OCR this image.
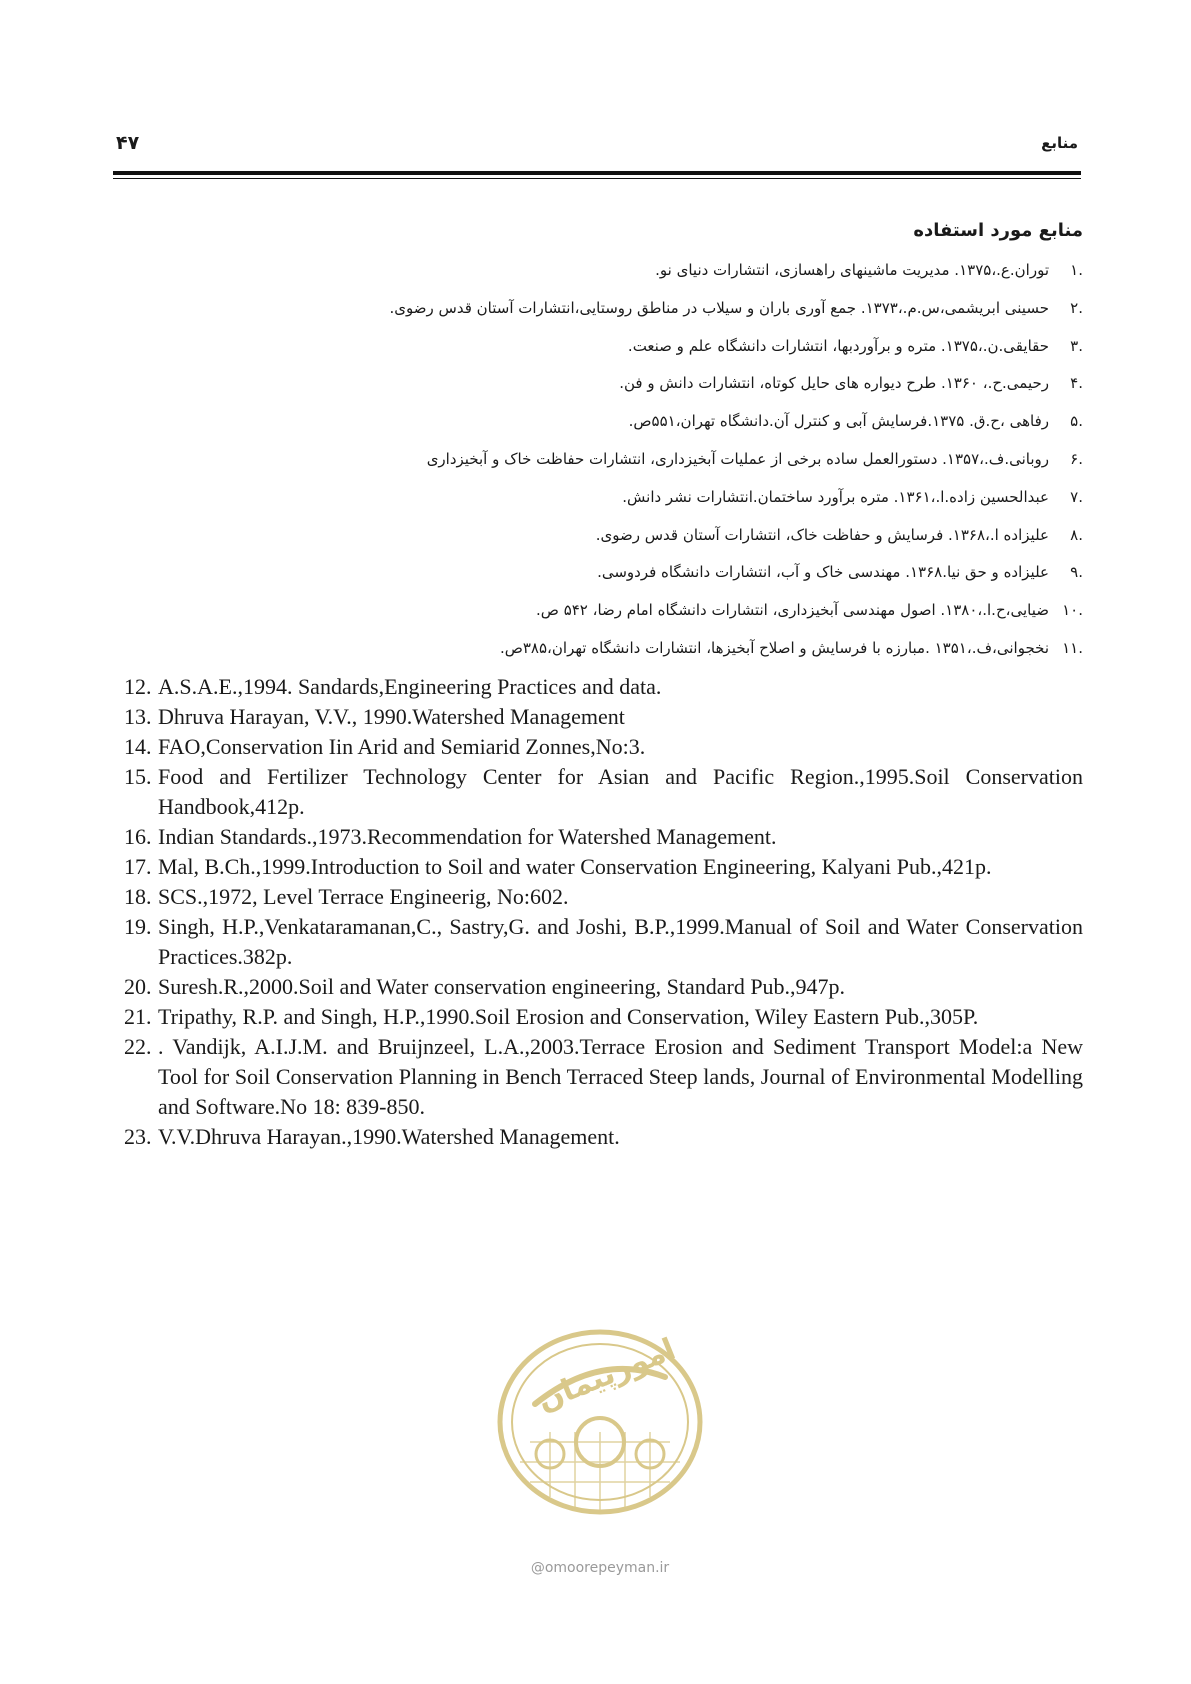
۴۷	منابع
منابع مورد استفاده
.۱
توران.ع.،۱۳۷۵. مدیریت ماشینهای راهسازی، انتشارات دنیای نو.
.۲
حسینی ابریشمی،س.م.،۱۳۷۳. جمع آوری باران و سیلاب در مناطق روستایی،انتشارات آستان قدس رضوی.
.۳
حقایقی.ن.،۱۳۷۵. متره و برآوردبها، انتشارات دانشگاه علم و صنعت.
.۴
رحیمی.ح.، ۱۳۶۰. طرح دیواره های حایل کوتاه، انتشارات دانش و فن.
.۵
رفاهی ،ح.ق. ۱۳۷۵.فرسایش آبی و کنترل آن.دانشگاه تهران،۵۵۱ص.
.۶
روبانی.ف.،۱۳۵۷. دستورالعمل ساده برخی از عملیات آبخیزداری، انتشارات حفاظت خاک و آبخیزداری
.۷
عبدالحسین زاده.ا.،۱۳۶۱. متره برآورد ساختمان.انتشارات نشر دانش.
.۸
علیزاده ا.،۱۳۶۸. فرسایش و حفاظت خاک، انتشارات آستان قدس رضوی.
.۹
علیزاده و حق نیا.۱۳۶۸. مهندسی خاک و آب، انتشارات دانشگاه فردوسی.
.۱۰
ضیایی،ح.ا.،۱۳۸۰. اصول مهندسی آبخیزداری، انتشارات دانشگاه امام رضا، ۵۴۲ ص.
.۱۱
نخجوانی،ف.،۱۳۵۱ .مبارزه با فرسایش و اصلاح آبخیزها، انتشارات دانشگاه تهران،۳۸۵ص.
12. A.S.A.E.,1994. Sandards,Engineering Practices and data.
13. Dhruva Harayan, V.V., 1990.Watershed Management
14. FAO,Conservation Iin Arid and Semiarid Zonnes,No:3.
15. Food and Fertilizer Technology Center for Asian and Pacific Region.,1995.Soil Conservation Handbook,412p.
16. Indian Standards.,1973.Recommendation for Watershed Management.
17. Mal, B.Ch.,1999.Introduction to Soil and water Conservation Engineering, Kalyani Pub.,421p.
18. SCS.,1972, Level Terrace Engineerig, No:602.
19. Singh, H.P.,Venkataramanan,C., Sastry,G. and Joshi, B.P.,1999.Manual of Soil and Water Conservation Practices.382p.
20. Suresh.R.,2000.Soil and Water conservation engineering, Standard Pub.,947p.
21. Tripathy, R.P. and Singh, H.P.,1990.Soil Erosion and Conservation, Wiley Eastern Pub.,305P.
22. . Vandijk, A.I.J.M. and Bruijnzeel, L.A.,2003.Terrace Erosion and Sediment Transport Model:a New Tool for Soil Conservation Planning in Bench Terraced Steep lands, Journal of Environmental Modelling and Software.No 18: 839-850.
23. V.V.Dhruva Harayan.,1990.Watershed Management.
امورپیمان
@omoorepeyman.ir
